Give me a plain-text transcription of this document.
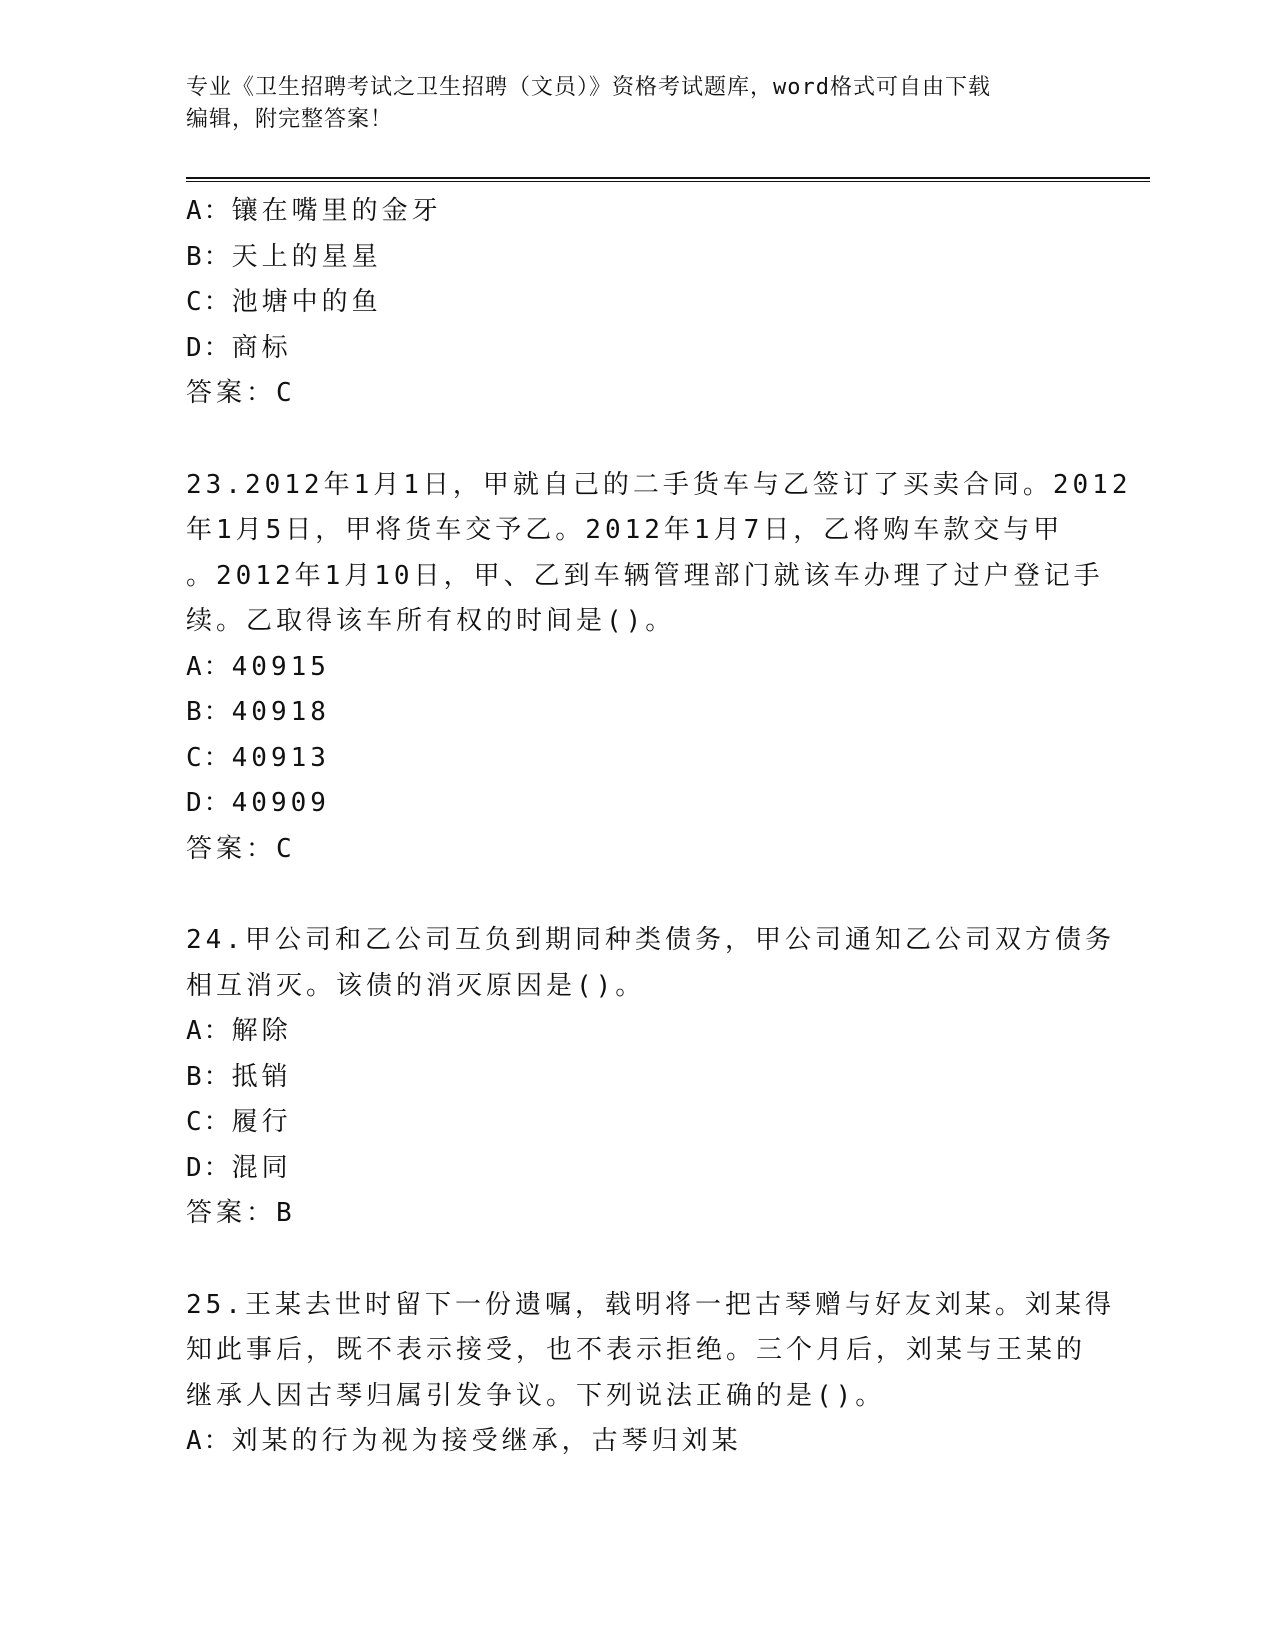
专业《卫生招聘考试之卫生招聘（文员）》资格考试题库，word格式可自由下载
编辑，附完整答案！
A：镶在嘴里的金牙
B：天上的星星
C：池塘中的鱼
D：商标
答案：C
23.2012年1月1日，甲就自己的二手货车与乙签订了买卖合同。2012
年1月5日，甲将货车交予乙。2012年1月7日，乙将购车款交与甲
。2012年1月10日，甲、乙到车辆管理部门就该车办理了过户登记手
续。乙取得该车所有权的时间是()。
A：40915
B：40918
C：40913
D：40909
答案：C
24.甲公司和乙公司互负到期同种类债务，甲公司通知乙公司双方债务
相互消灭。该债的消灭原因是()。
A：解除
B：抵销
C：履行
D：混同
答案：B
25.王某去世时留下一份遗嘱，载明将一把古琴赠与好友刘某。刘某得
知此事后，既不表示接受，也不表示拒绝。三个月后，刘某与王某的
继承人因古琴归属引发争议。下列说法正确的是()。
A：刘某的行为视为接受继承，古琴归刘某
